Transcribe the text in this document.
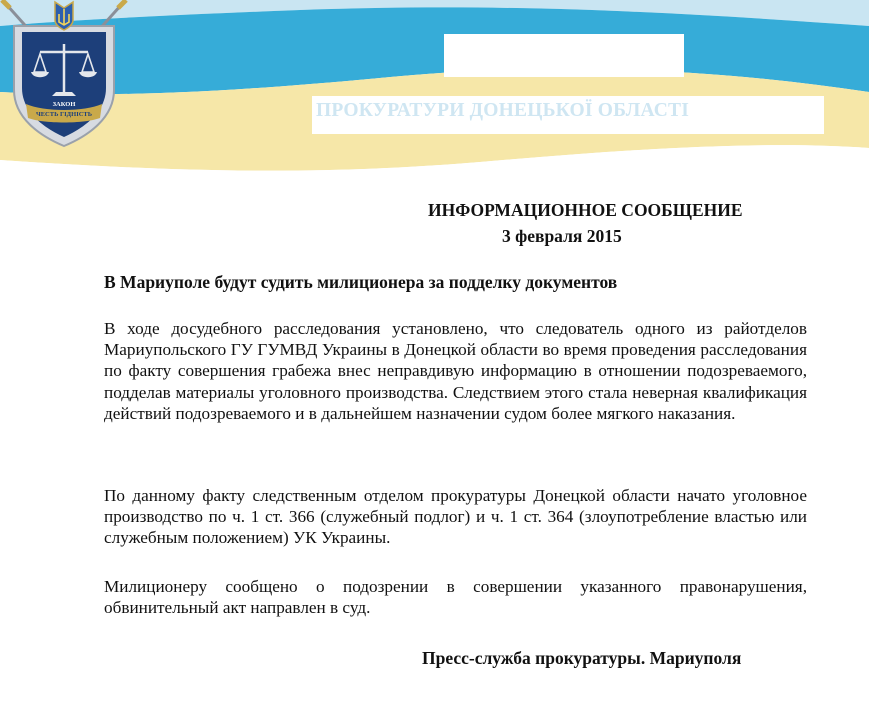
ПРОКУРАТУРИ ДОНЕЦЬКОЇ ОБЛАСТІ
ЗАКОН
ЧЕСТЬ ГІДНІСТЬ
ИНФОРМАЦИОННОЕ СООБЩЕНИЕ
3 февраля 2015
В Мариуполе будут судить милиционера за подделку документов
В ходе досудебного расследования установлено, что следователь одного из райотделов Мариупольского ГУ ГУМВД Украины в Донецкой области во время проведения расследования по факту совершения грабежа внес неправдивую информацию в отношении подозреваемого, подделав материалы уголовного производства. Следствием этого стала неверная квалификация действий подозреваемого и в дальнейшем назначении судом более мягкого наказания.
По данному факту следственным отделом прокуратуры Донецкой области начато уголовное производство по ч. 1 ст. 366 (служебный подлог) и ч. 1 ст. 364 (злоупотребление властью или служебным положением) УК Украины.
Милиционеру сообщено о подозрении в совершении указанного правонарушения, обвинительный акт направлен в суд.
Пресс-служба прокуратуры. Мариуполя
